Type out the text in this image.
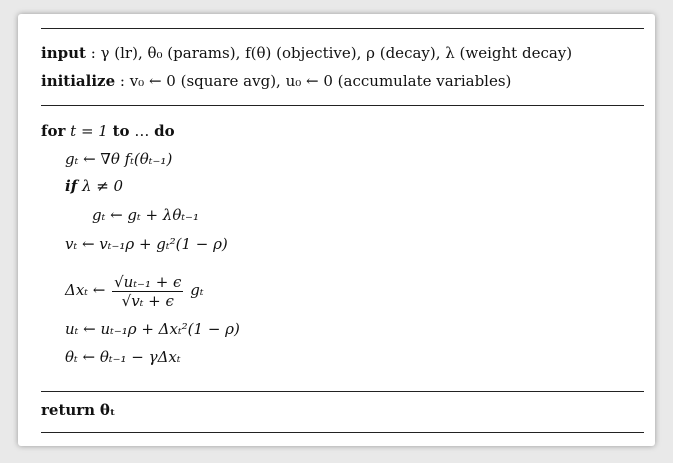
input : γ (lr), θ₀ (params), f(θ) (objective), ρ (decay), λ (weight decay)
initialize : v₀ ← 0 (square avg), u₀ ← 0 (accumulate variables)
for t = 1 to … do
gₜ ← ∇θ fₜ(θₜ₋₁)
if λ ≠ 0
gₜ ← gₜ + λθₜ₋₁
vₜ ← vₜ₋₁ρ + gₜ²(1 − ρ)
Δxₜ ← $\frac{\text{√uₜ₋₁ + ϵ}}{\text{√vₜ + ϵ}}$ gₜ
uₜ ← uₜ₋₁ρ + Δxₜ²(1 − ρ)
θₜ ← θₜ₋₁ − γΔxₜ
return θₜ
